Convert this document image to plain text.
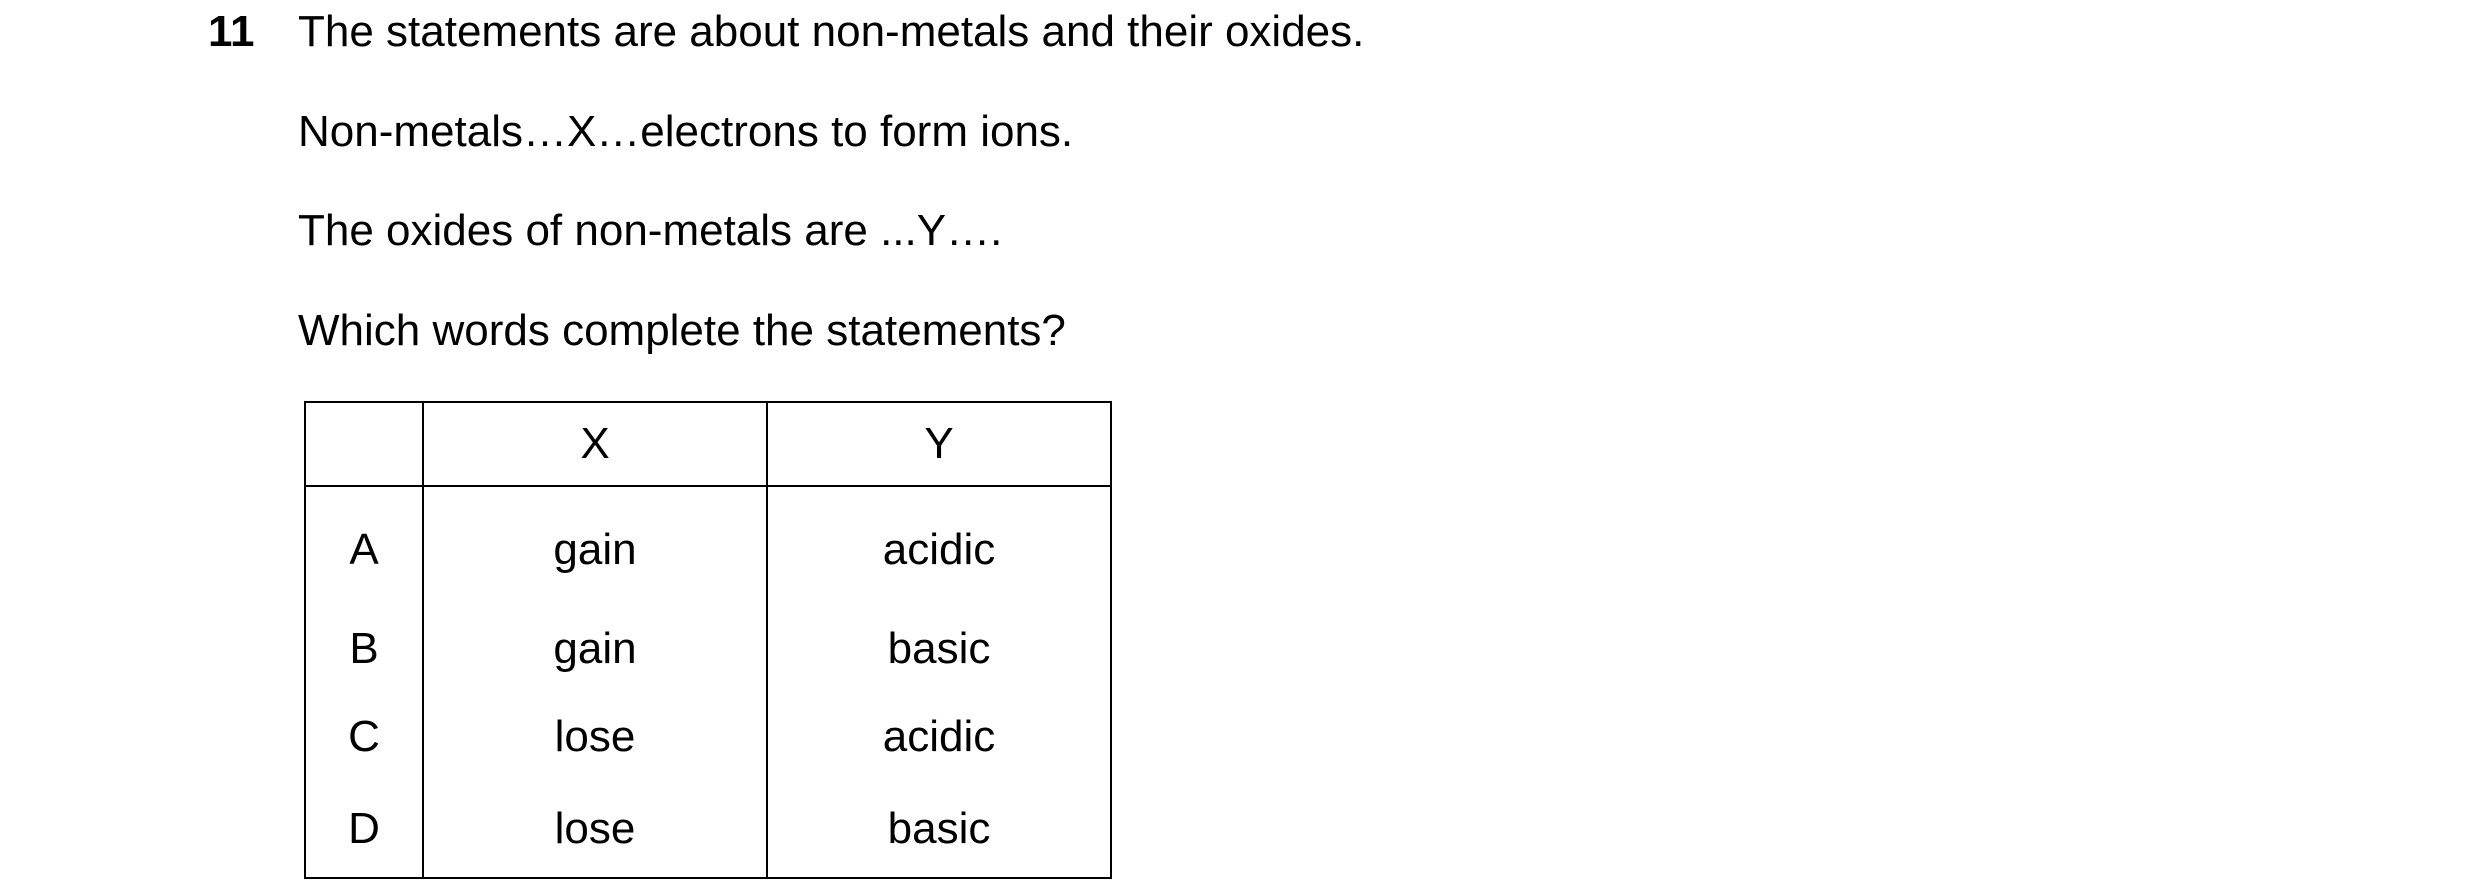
11 The statements are about non-metals and their oxides.
Non-metals…X…electrons to form ions.
The oxides of non-metals are ...Y….
Which words complete the statements?
	X	Y
A	gain	acidic
B	gain	basic
C	lose	acidic
D	lose	basic
